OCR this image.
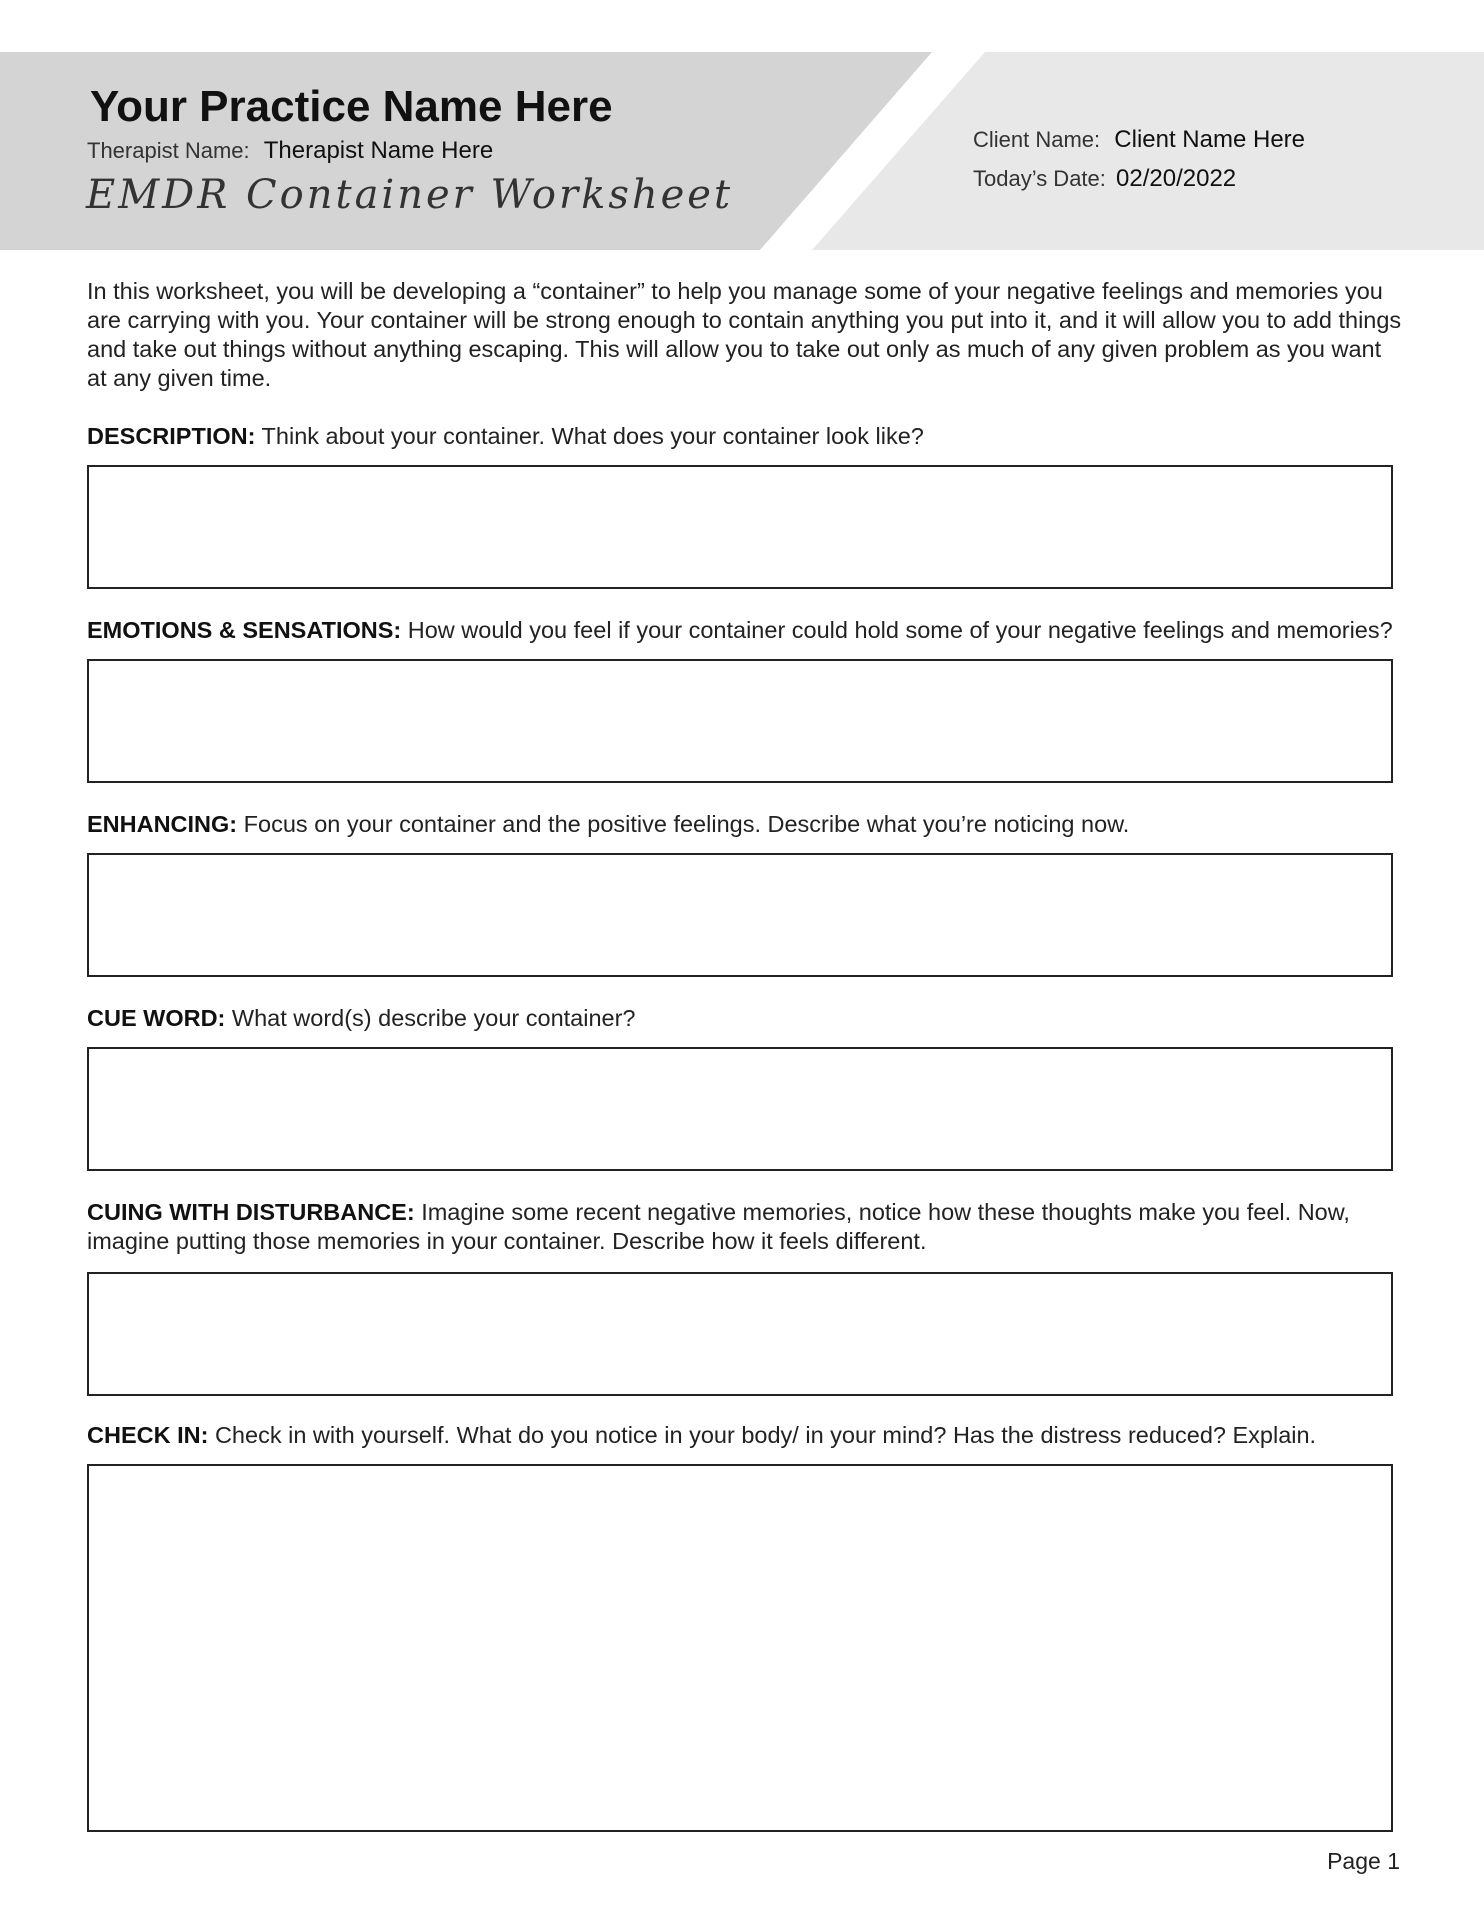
Your Practice Name Here
Therapist Name: Therapist Name Here
EMDR Container Worksheet
Client Name: Client Name Here
Today’s Date: 02/20/2022
In this worksheet, you will be developing a “container” to help you manage some of your negative feelings and memories you are carrying with you. Your container will be strong enough to contain anything you put into it, and it will allow you to add things and take out things without anything escaping. This will allow you to take out only as much of any given problem as you want at any given time.
DESCRIPTION: Think about your container. What does your container look like?
EMOTIONS & SENSATIONS: How would you feel if your container could hold some of your negative feelings and memories?
ENHANCING: Focus on your container and the positive feelings. Describe what you’re noticing now.
CUE WORD: What word(s) describe your container?
CUING WITH DISTURBANCE: Imagine some recent negative memories, notice how these thoughts make you feel. Now, imagine putting those memories in your container. Describe how it feels different.
CHECK IN: Check in with yourself. What do you notice in your body/ in your mind? Has the distress reduced? Explain.
Page 1
